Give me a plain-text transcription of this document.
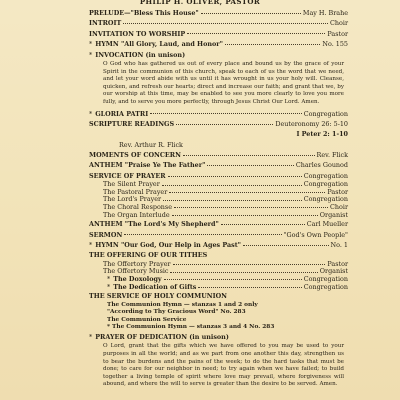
PHILIP H. OLIVER, PASTOR
PRELUDE—"Bless This House"	May H. Brahe
INTROIT	Choir
INVITATION TO WORSHIP	Pastor
* HYMN "All Glory, Laud, and Honor"	No. 155
* INVOCATION (in unison)
O God who has gathered us out of every place and bound us by the grace of your Spirit in the communion of this church, speak to each of us the word that we need, and let your word abide with us until it has wrought in us your holy will. Cleanse, quicken, and refresh our hearts; direct and increase our faith; and grant that we, by our worship at this time, may be enabled to see you more clearly to love you more fully, and to serve you more perfectly, through Jesus Christ Our Lord. Amen.
* GLORIA PATRI	Congregation
SCRIPTURE READINGS	Deuteronomy 26: 5-10
I Peter 2: 1-10
Rev. Arthur R. Flick
MOMENTS OF CONCERN	Rev. Flick
ANTHEM "Praise Ye The Father"	Charles Gounod
SERVICE OF PRAYER	Congregation
The Silent Prayer	Congregation
The Pastoral Prayer	Pastor
The Lord's Prayer	Congregation
The Choral Response	Choir
The Organ Interlude	Organist
ANTHEM "The Lord's My Shepherd"	Carl Mueller
SERMON	"God's Own People"
* HYMN "Our God, Our Help in Ages Past"	No. 1
THE OFFERING OF OUR TITHES
The Offertory Prayer	Pastor
The Offertory Music	Organist
* The Doxology	Congregation
* The Dedication of Gifts	Congregation
THE SERVICE OF HOLY COMMUNION
The Communion Hymn — stanzas 1 and 2 only
"According to Thy Gracious Word" No. 283
The Communion Service
* The Communion Hymn — stanzas 3 and 4 No. 283
* PRAYER OF DEDICATION (in unison)
O Lord, grant that the gifts which we have offered to you may be used to your purposes in all the world; and as we part from one another this day, strengthen us to bear the burdens and the pains of the week; to do the hard tasks that must be done; to care for our neighbor in need; to try again when we have failed; to build together a living temple of spirit where love may prevail, where forgiveness will abound, and where the will to serve is greater than the desire to be served. Amen.
